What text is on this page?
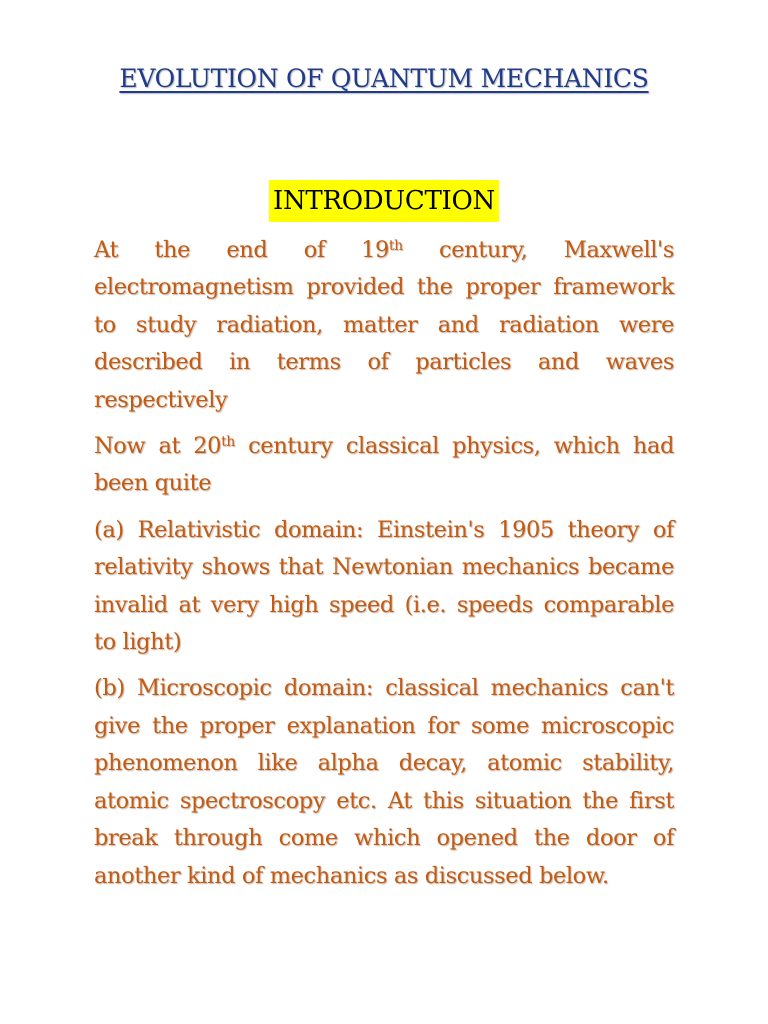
EVOLUTION OF QUANTUM MECHANICS
INTRODUCTION

At the end of 19th century, Maxwell's electromagnetism provided the proper framework to study radiation, matter and radiation were described in terms of particles and waves respectively

Now at 20th century classical physics, which had been quite

(a) Relativistic domain: Einstein's 1905 theory of relativity shows that Newtonian mechanics became invalid at very high speed (i.e. speeds comparable to light)

(b) Microscopic domain: classical mechanics can't give the proper explanation for some microscopic phenomenon like alpha decay, atomic stability, atomic spectroscopy etc. At this situation the first break through come which opened the door of another kind of mechanics as discussed below.
